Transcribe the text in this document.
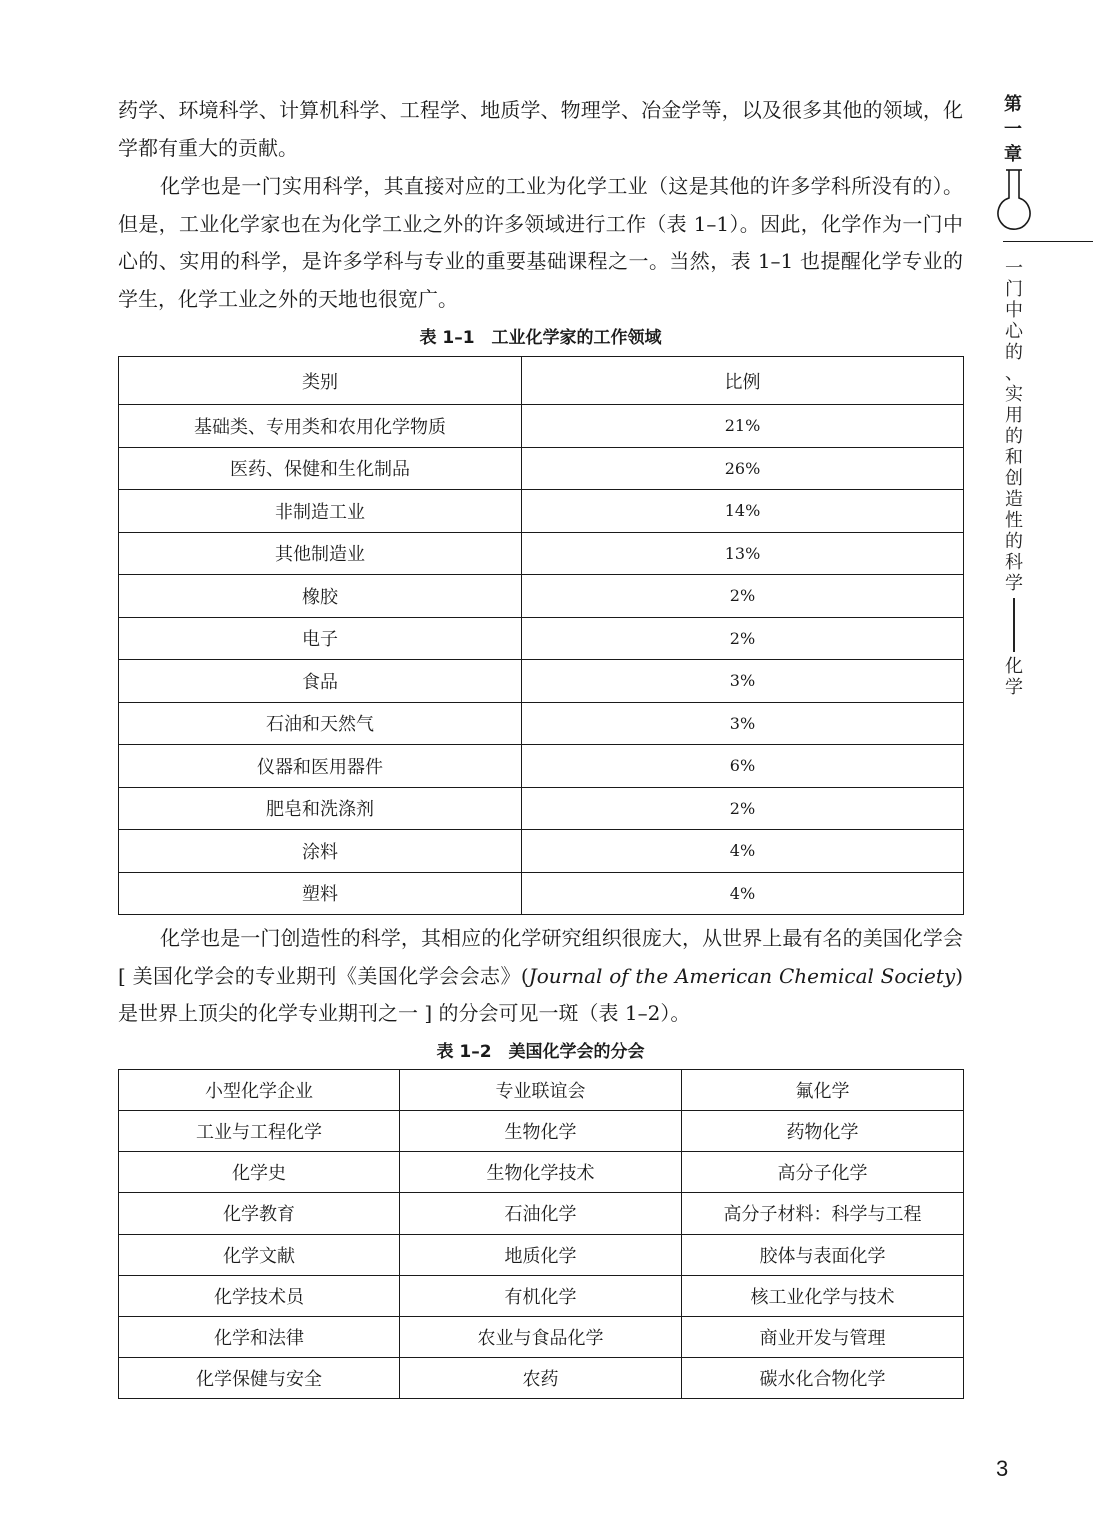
药学、环境科学、计算机科学、工程学、地质学、物理学、冶金学等，以及很多其他的领域，化学都有重大的贡献。

化学也是一门实用科学，其直接对应的工业为化学工业（这是其他的许多学科所没有的）。但是，工业化学家也在为化学工业之外的许多领域进行工作（表 1–1）。因此，化学作为一门中心的、实用的科学，是许多学科与专业的重要基础课程之一。当然，表 1–1 也提醒化学专业的学生，化学工业之外的天地也很宽广。

表 1–1　工业化学家的工作领域

类别	比例
基础类、专用类和农用化学物质	21%
医药、保健和生化制品	26%
非制造工业	14%
其他制造业	13%
橡胶	2%
电子	2%
食品	3%
石油和天然气	3%
仪器和医用器件	6%
肥皂和洗涤剂	2%
涂料	4%
塑料	4%

化学也是一门创造性的科学，其相应的化学研究组织很庞大，从世界上最有名的美国化学会 [ 美国化学会的专业期刊《美国化学会会志》(Journal of the American Chemical Society) 是世界上顶尖的化学专业期刊之一 ] 的分会可见一斑（表 1–2）。

表 1–2　美国化学会的分会

小型化学企业	专业联谊会	氟化学
工业与工程化学	生物化学	药物化学
化学史	生物化学技术	高分子化学
化学教育	石油化学	高分子材料：科学与工程
化学文献	地质化学	胶体与表面化学
化学技术员	有机化学	核工业化学与技术
化学和法律	农业与食品化学	商业开发与管理
化学保健与安全	农药	碳水化合物化学
第
一
章
一
门
中
心
的
、
实
用
的
和
创
造
性
的
科
学
化
学
3
